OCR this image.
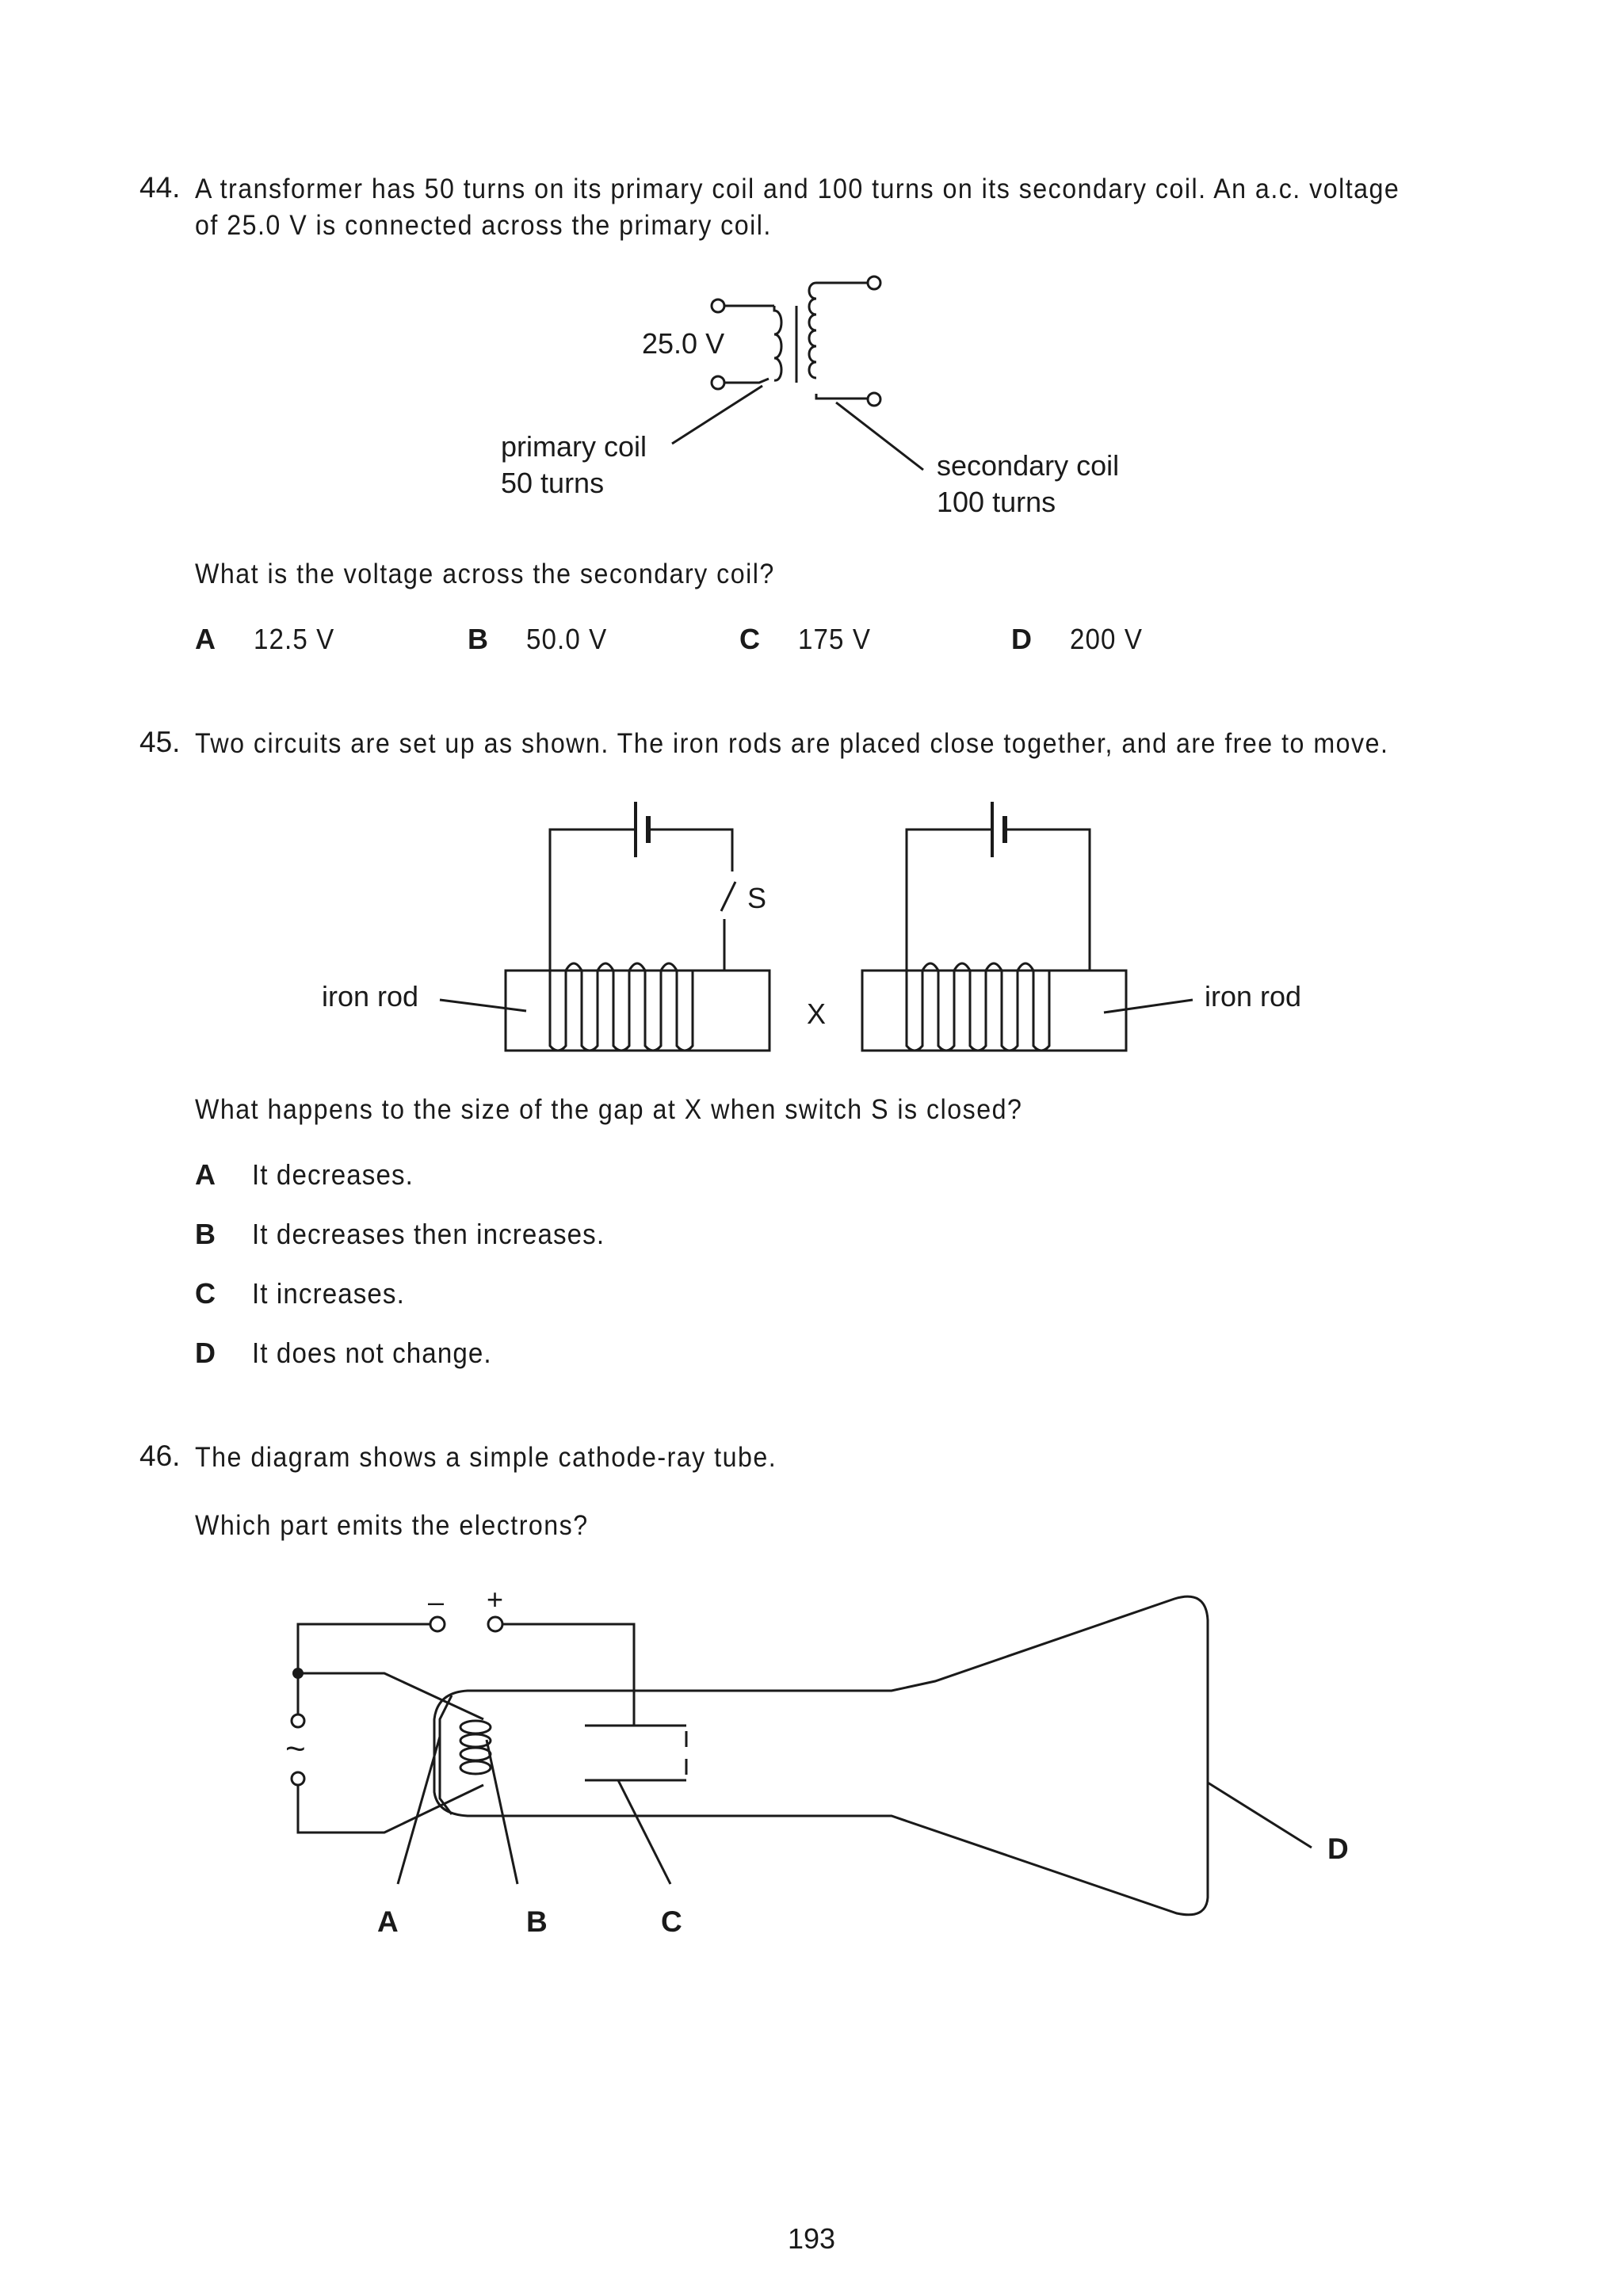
44. A transformer has 50 turns on its primary coil and 100 turns on its secondary coil. An a.c. voltage
of 25.0 V is connected across the primary coil.
25.0 V
primary coil
50 turns
secondary coil
100 turns
What is the voltage across the secondary coil?
A 12.5 V	B 50.0 V	C 175 V	D 200 V
45. Two circuits are set up as shown. The iron rods are placed close together, and are free to move.
S
X
iron rod	iron rod
What happens to the size of the gap at X when switch S is closed?
A It decreases.
B It decreases then increases.
C It increases.
D It does not change.
46. The diagram shows a simple cathode-ray tube.
Which part emits the electrons?
– +
~
A	B	C
D
193
